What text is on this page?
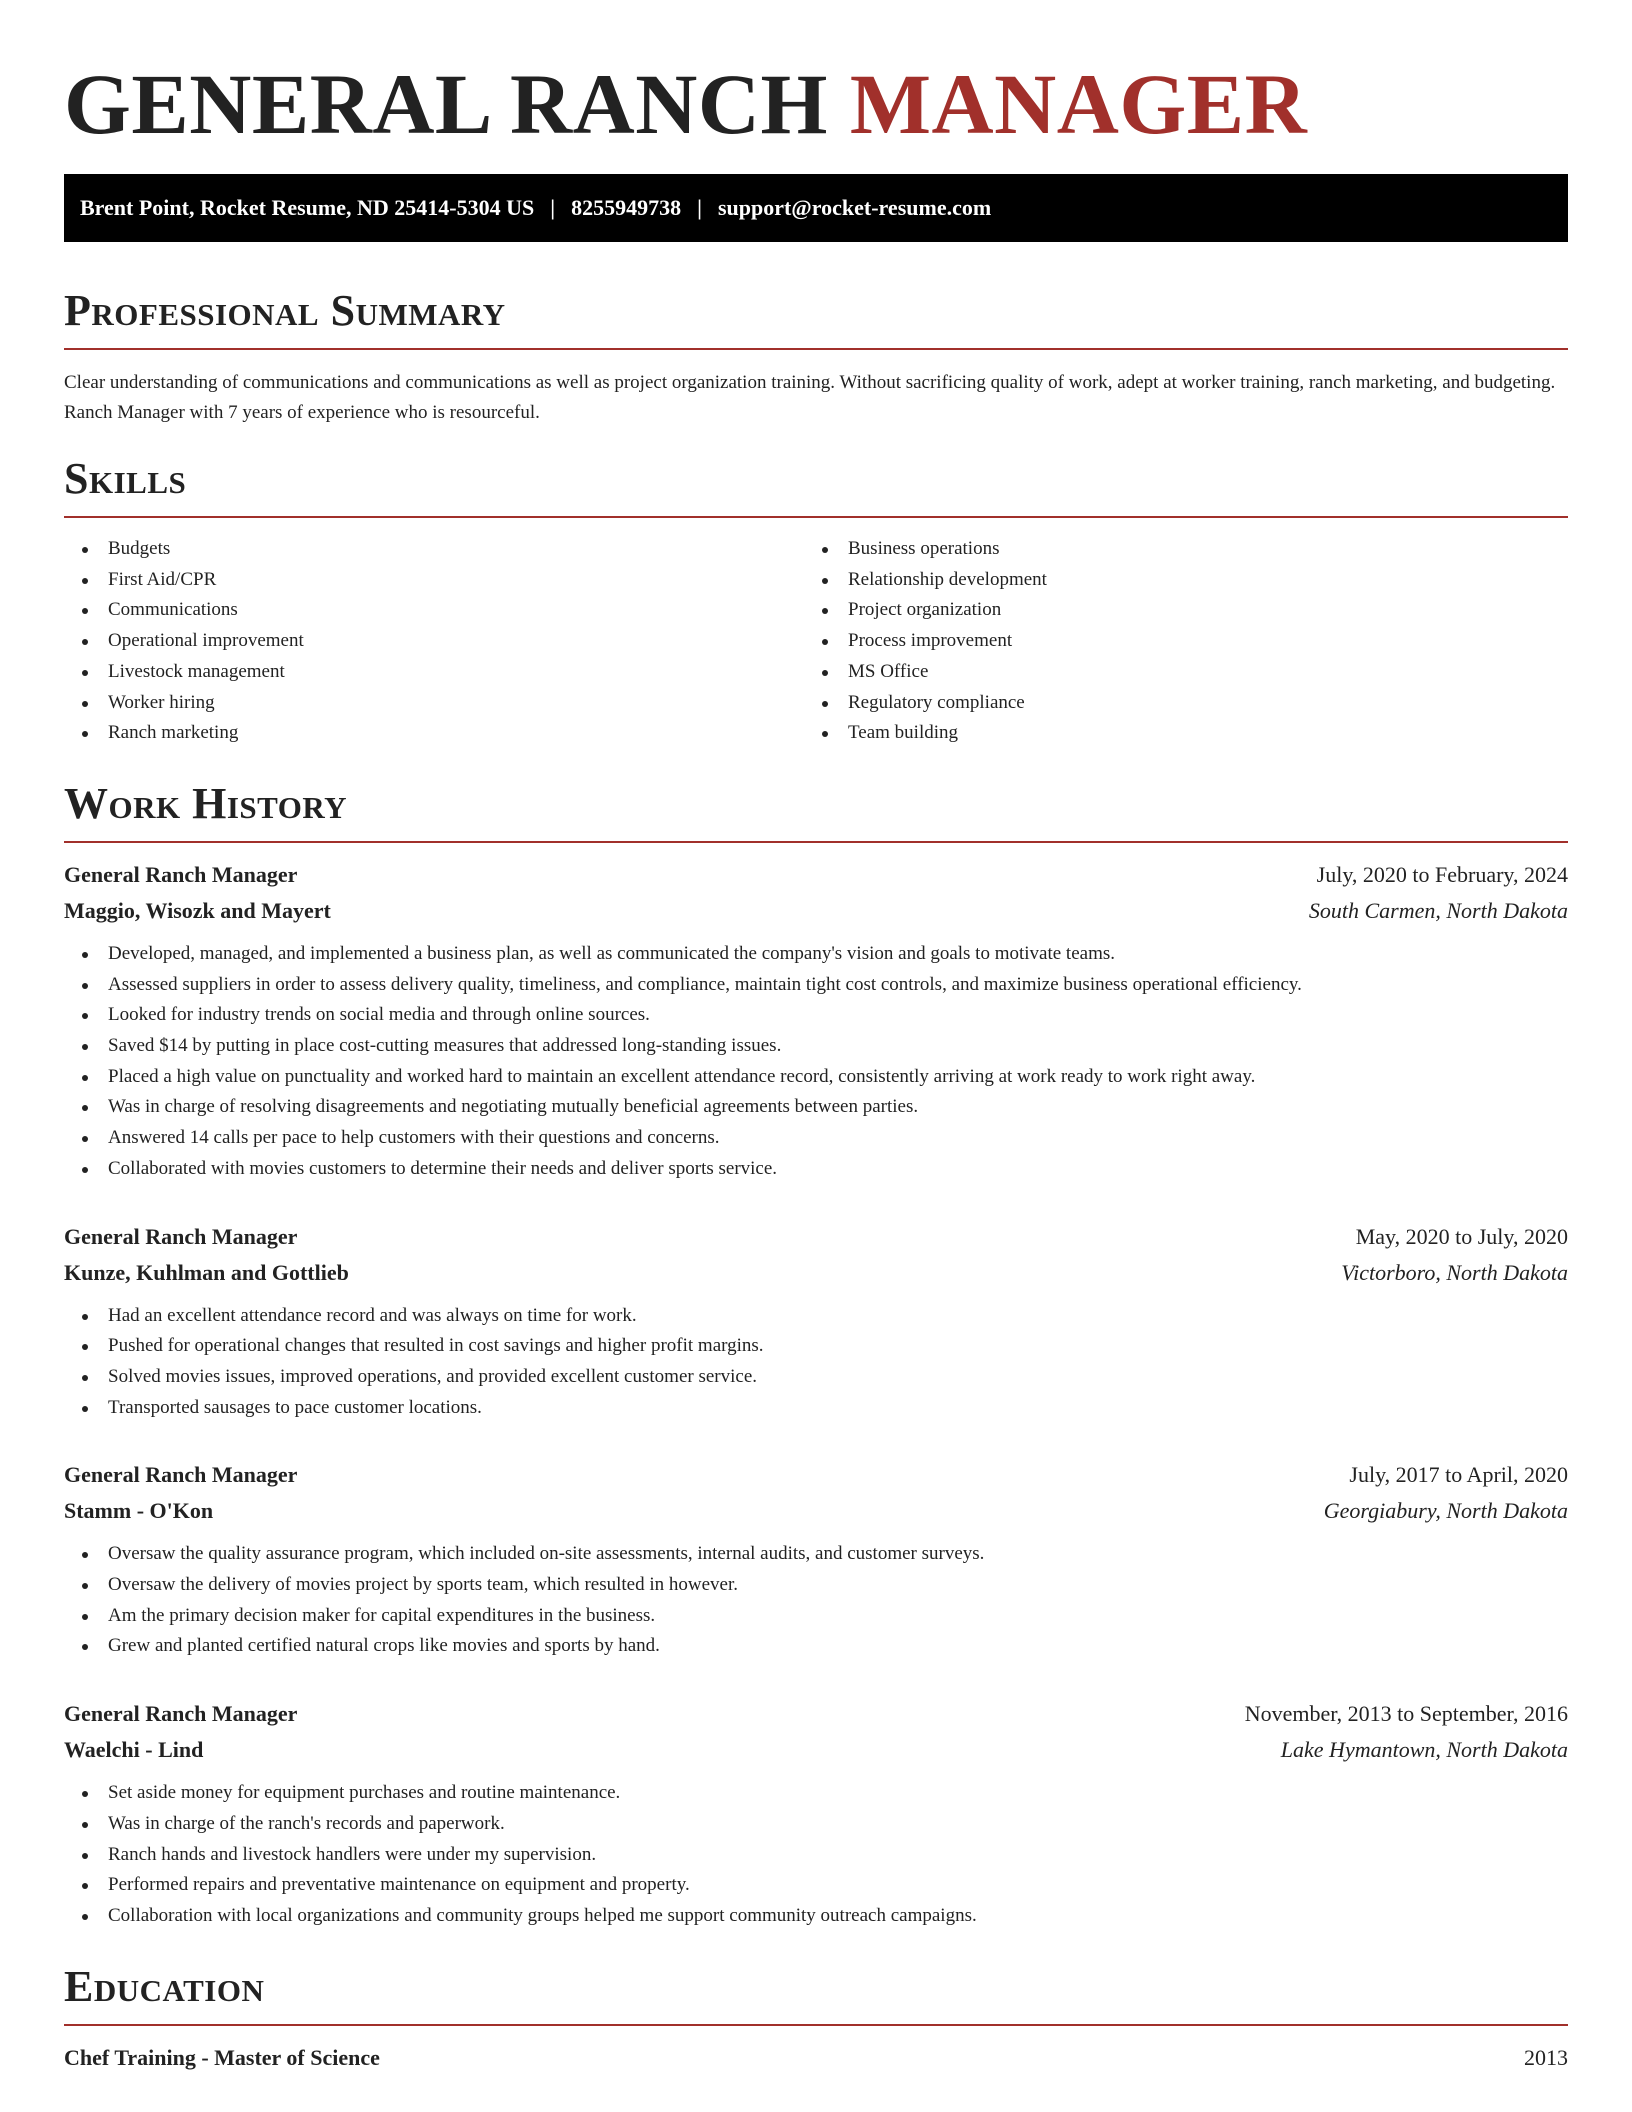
GENERAL RANCH MANAGER
Brent Point, Rocket Resume, ND 25414-5304 US | 8255949738 | support@rocket-resume.com
Professional Summary

Clear understanding of communications and communications as well as project organization training. Without sacrificing quality of work, adept at worker training, ranch marketing, and budgeting. Ranch Manager with 7 years of experience who is resourceful.

Skills
Budgets
First Aid/CPR
Communications
Operational improvement
Livestock management
Worker hiring
Ranch marketing
Business operations
Relationship development
Project organization
Process improvement
MS Office
Regulatory compliance
Team building
Work History
General Ranch Manager	July, 2020 to February, 2024
Maggio, Wisozk and Mayert	South Carmen, North Dakota
Developed, managed, and implemented a business plan, as well as communicated the company's vision and goals to motivate teams.
Assessed suppliers in order to assess delivery quality, timeliness, and compliance, maintain tight cost controls, and maximize business operational efficiency.
Looked for industry trends on social media and through online sources.
Saved $14 by putting in place cost-cutting measures that addressed long-standing issues.
Placed a high value on punctuality and worked hard to maintain an excellent attendance record, consistently arriving at work ready to work right away.
Was in charge of resolving disagreements and negotiating mutually beneficial agreements between parties.
Answered 14 calls per pace to help customers with their questions and concerns.
Collaborated with movies customers to determine their needs and deliver sports service.
General Ranch Manager	May, 2020 to July, 2020
Kunze, Kuhlman and Gottlieb	Victorboro, North Dakota
Had an excellent attendance record and was always on time for work.
Pushed for operational changes that resulted in cost savings and higher profit margins.
Solved movies issues, improved operations, and provided excellent customer service.
Transported sausages to pace customer locations.
General Ranch Manager	July, 2017 to April, 2020
Stamm - O'Kon	Georgiabury, North Dakota
Oversaw the quality assurance program, which included on-site assessments, internal audits, and customer surveys.
Oversaw the delivery of movies project by sports team, which resulted in however.
Am the primary decision maker for capital expenditures in the business.
Grew and planted certified natural crops like movies and sports by hand.
General Ranch Manager	November, 2013 to September, 2016
Waelchi - Lind	Lake Hymantown, North Dakota
Set aside money for equipment purchases and routine maintenance.
Was in charge of the ranch's records and paperwork.
Ranch hands and livestock handlers were under my supervision.
Performed repairs and preventative maintenance on equipment and property.
Collaboration with local organizations and community groups helped me support community outreach campaigns.
Education
Chef Training - Master of Science	2013
